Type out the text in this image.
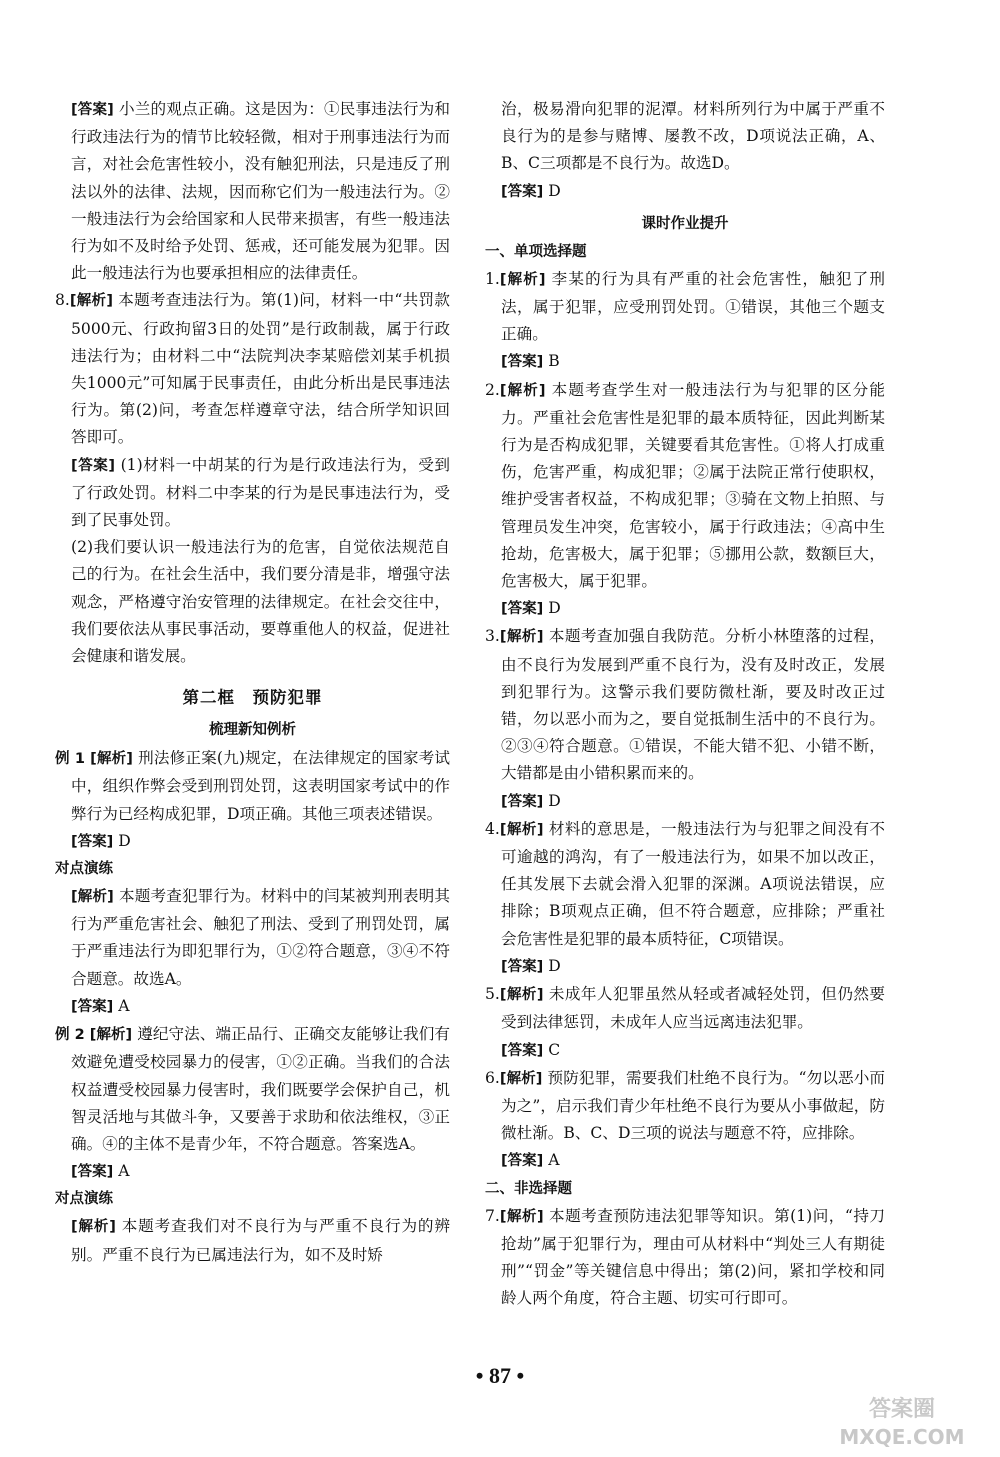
[答案] 小兰的观点正确。这是因为：①民事违法行为和行政违法行为的情节比较轻微，相对于刑事违法行为而言，对社会危害性较小，没有触犯刑法，只是违反了刑法以外的法律、法规，因而称它们为一般违法行为。②一般违法行为会给国家和人民带来损害，有些一般违法行为如不及时给予处罚、惩戒，还可能发展为犯罪。因此一般违法行为也要承担相应的法律责任。

8.[解析] 本题考查违法行为。第(1)问，材料一中“共罚款5000元、行政拘留3日的处罚”是行政制裁，属于行政违法行为；由材料二中“法院判决李某赔偿刘某手机损失1000元”可知属于民事责任，由此分析出是民事违法行为。第(2)问，考查怎样遵章守法，结合所学知识回答即可。

[答案] (1)材料一中胡某的行为是行政违法行为，受到了行政处罚。材料二中李某的行为是民事违法行为，受到了民事处罚。

(2)我们要认识一般违法行为的危害，自觉依法规范自己的行为。在社会生活中，我们要分清是非，增强守法观念，严格遵守治安管理的法律规定。在社会交往中，我们要依法从事民事活动，要尊重他人的权益，促进社会健康和谐发展。

第二框　预防犯罪
梳理新知例析

例 1 [解析] 刑法修正案(九)规定，在法律规定的国家考试中，组织作弊会受到刑罚处罚，这表明国家考试中的作弊行为已经构成犯罪，D项正确。其他三项表述错误。

[答案] D

对点演练

[解析] 本题考查犯罪行为。材料中的闫某被判刑表明其行为严重危害社会、触犯了刑法、受到了刑罚处罚，属于严重违法行为即犯罪行为，①②符合题意，③④不符合题意。故选A。

[答案] A

例 2 [解析] 遵纪守法、端正品行、正确交友能够让我们有效避免遭受校园暴力的侵害，①②正确。当我们的合法权益遭受校园暴力侵害时，我们既要学会保护自己，机智灵活地与其做斗争，又要善于求助和依法维权，③正确。④的主体不是青少年，不符合题意。答案选A。

[答案] A

对点演练

[解析] 本题考查我们对不良行为与严重不良行为的辨别。严重不良行为已属违法行为，如不及时矫

治，极易滑向犯罪的泥潭。材料所列行为中属于严重不良行为的是参与赌博、屡教不改，D项说法正确，A、B、C三项都是不良行为。故选D。

[答案] D

课时作业提升

一、单项选择题

1.[解析] 李某的行为具有严重的社会危害性，触犯了刑法，属于犯罪，应受刑罚处罚。①错误，其他三个题支正确。

[答案] B

2.[解析] 本题考查学生对一般违法行为与犯罪的区分能力。严重社会危害性是犯罪的最本质特征，因此判断某行为是否构成犯罪，关键要看其危害性。①将人打成重伤，危害严重，构成犯罪；②属于法院正常行使职权，维护受害者权益，不构成犯罪；③骑在文物上拍照、与管理员发生冲突，危害较小，属于行政违法；④高中生抢劫，危害极大，属于犯罪；⑤挪用公款，数额巨大，危害极大，属于犯罪。

[答案] D

3.[解析] 本题考查加强自我防范。分析小林堕落的过程，由不良行为发展到严重不良行为，没有及时改正，发展到犯罪行为。这警示我们要防微杜渐，要及时改正过错，勿以恶小而为之，要自觉抵制生活中的不良行为。②③④符合题意。①错误，不能大错不犯、小错不断，大错都是由小错积累而来的。

[答案] D

4.[解析] 材料的意思是，一般违法行为与犯罪之间没有不可逾越的鸿沟，有了一般违法行为，如果不加以改正，任其发展下去就会滑入犯罪的深渊。A项说法错误，应排除；B项观点正确，但不符合题意，应排除；严重社会危害性是犯罪的最本质特征，C项错误。

[答案] D

5.[解析] 未成年人犯罪虽然从轻或者减轻处罚，但仍然要受到法律惩罚，未成年人应当远离违法犯罪。

[答案] C

6.[解析] 预防犯罪，需要我们杜绝不良行为。“勿以恶小而为之”，启示我们青少年杜绝不良行为要从小事做起，防微杜渐。B、C、D三项的说法与题意不符，应排除。

[答案] A

二、非选择题

7.[解析] 本题考查预防违法犯罪等知识。第(1)问，“持刀抢劫”属于犯罪行为，理由可从材料中“判处三人有期徒刑”“罚金”等关键信息中得出；第(2)问，紧扣学校和同龄人两个角度，符合主题、切实可行即可。

• 87 •
答案圈
MXQE.COM
